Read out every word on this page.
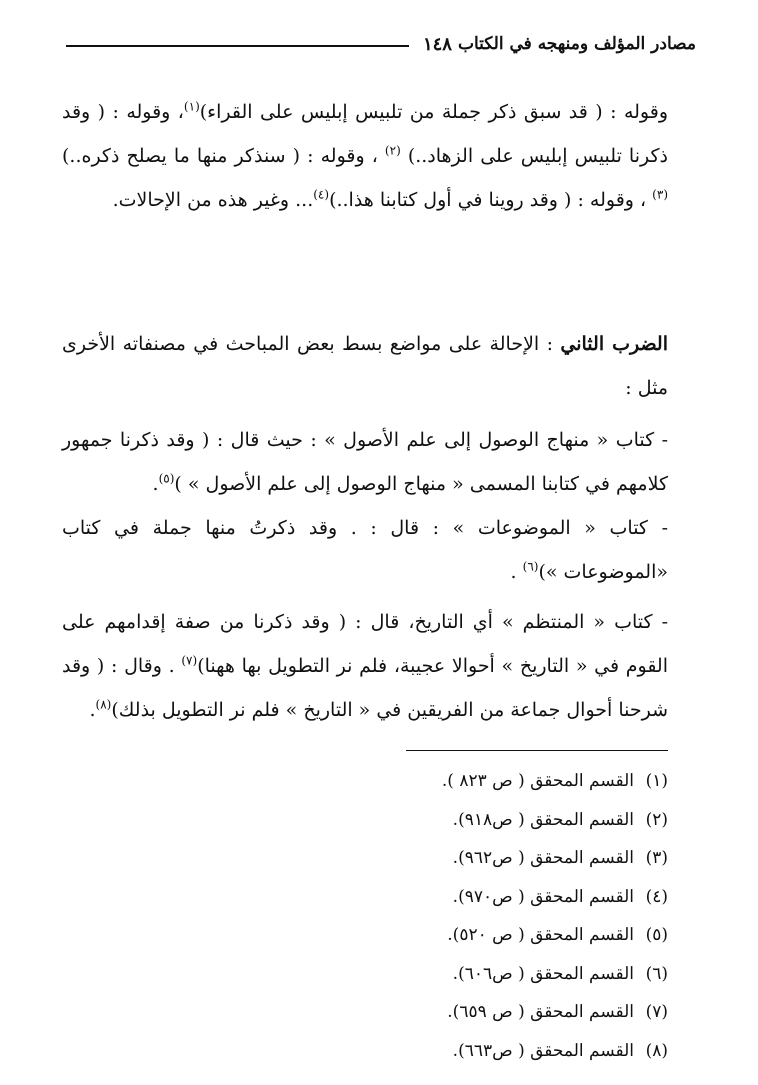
مصادر المؤلف ومنهجه في الكتاب
١٤٨

وقوله : ( قد سبق ذكر جملة من تلبيس إبليس على القراء)$^{(١)}$، وقوله : ( وقد ذكرنا تلبيس إبليس على الزهاد..) $^{(٢)}$ ، وقوله : ( سنذكر منها ما يصلح ذكره..)$^{(٣)}$ ، وقوله : ( وقد روينا في أول كتابنا هذا..)$^{(٤)}$... وغير هذه من الإحالات.

الضرب الثاني : الإحالة على مواضع بسط بعض المباحث في مصنفاته الأخرى مثل :

- كتاب « منهاج الوصول إلى علم الأصول » : حيث قال : ( وقد ذكرنا جمهور كلامهم في كتابنا المسمى « منهاج الوصول إلى علم الأصول » )$^{(٥)}$.

- كتاب « الموضوعات » : قال : . وقد ذكرتُ منها جملة في كتاب «الموضوعات »)$^{(٦)}$ .

- كتاب « المنتظم » أي التاريخ، قال : ( وقد ذكرنا من صفة إقدامهم على القوم في « التاريخ » أحوالا عجيبة، فلم نر التطويل بها ههنا)$^{(٧)}$ . وقال : ( وقد شرحنا أحوال جماعة من الفريقين في « التاريخ » فلم نر التطويل بذلك)$^{(٨)}$.

(١)
القسم المحقق ( ص ٨٢٣ ).
(٢)
القسم المحقق ( ص٩١٨).
(٣)
القسم المحقق ( ص٩٦٢).
(٤)
القسم المحقق ( ص٩٧٠).
(٥)
القسم المحقق ( ص ٥٢٠).
(٦)
القسم المحقق ( ص٦٠٦).
(٧)
القسم المحقق ( ص ٦٥٩).
(٨)
القسم المحقق ( ص٦٦٣).
